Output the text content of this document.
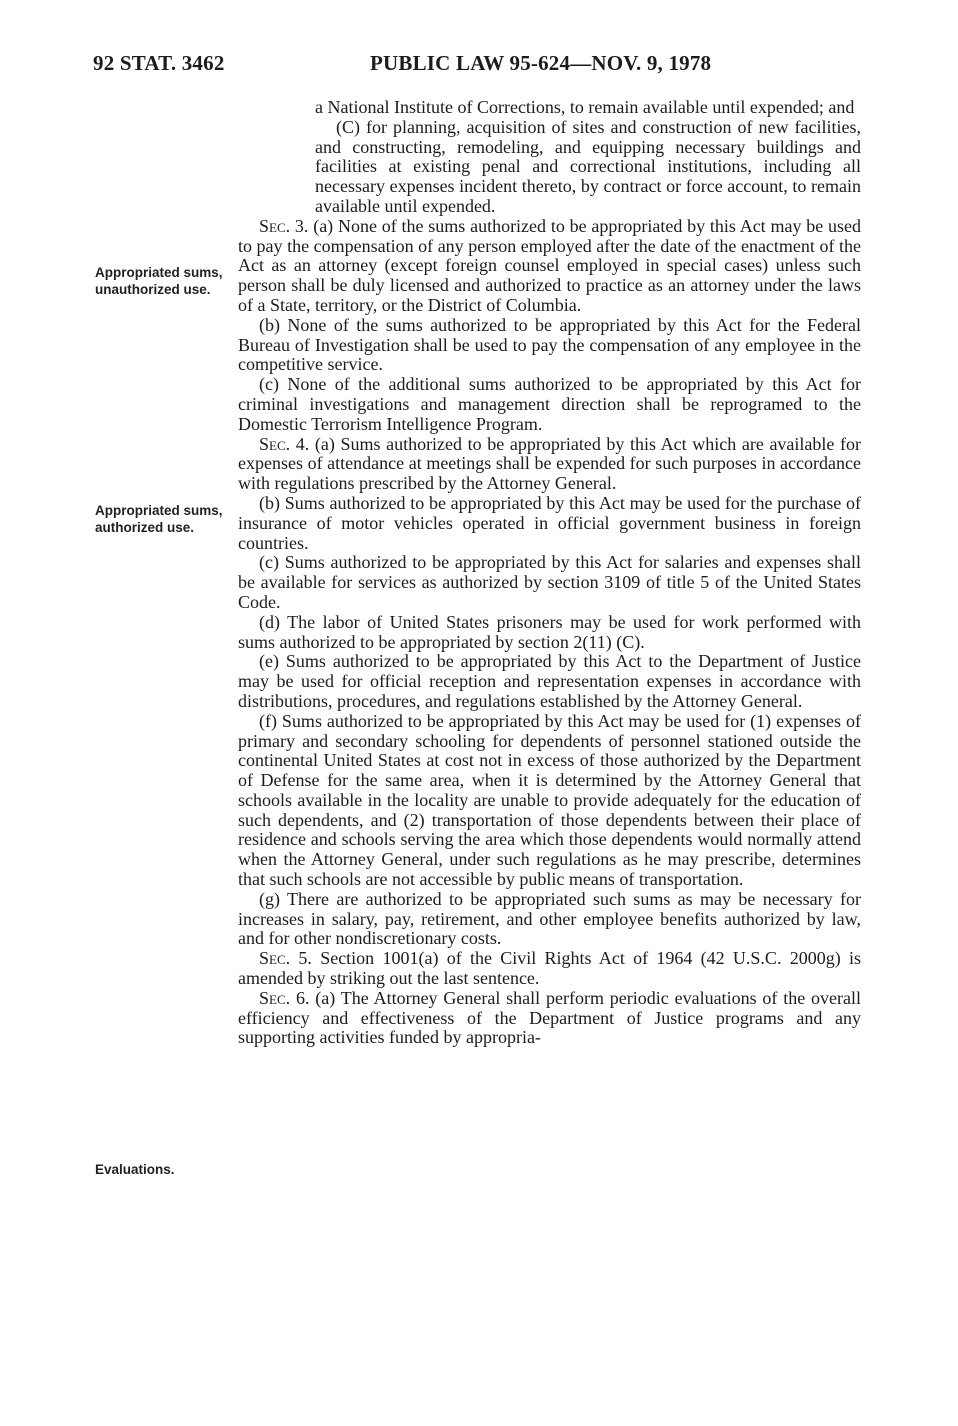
92 STAT. 3462	PUBLIC LAW 95-624—NOV. 9, 1978
Appropriated sums, unauthorized use.
Appropriated sums, authorized use.
Evaluations.

a National Institute of Corrections, to remain available until expended; and

(C) for planning, acquisition of sites and construction of new facilities, and constructing, remodeling, and equipping necessary buildings and facilities at existing penal and correctional institutions, including all necessary expenses incident thereto, by contract or force account, to remain available until expended.

Sec. 3. (a) None of the sums authorized to be appropriated by this Act may be used to pay the compensation of any person employed after the date of the enactment of the Act as an attorney (except foreign counsel employed in special cases) unless such person shall be duly licensed and authorized to practice as an attorney under the laws of a State, territory, or the District of Columbia.

(b) None of the sums authorized to be appropriated by this Act for the Federal Bureau of Investigation shall be used to pay the compensation of any employee in the competitive service.

(c) None of the additional sums authorized to be appropriated by this Act for criminal investigations and management direction shall be reprogramed to the Domestic Terrorism Intelligence Program.

Sec. 4. (a) Sums authorized to be appropriated by this Act which are available for expenses of attendance at meetings shall be expended for such purposes in accordance with regulations prescribed by the Attorney General.

(b) Sums authorized to be appropriated by this Act may be used for the purchase of insurance of motor vehicles operated in official government business in foreign countries.

(c) Sums authorized to be appropriated by this Act for salaries and expenses shall be available for services as authorized by section 3109 of title 5 of the United States Code.

(d) The labor of United States prisoners may be used for work performed with sums authorized to be appropriated by section 2(11) (C).

(e) Sums authorized to be appropriated by this Act to the Department of Justice may be used for official reception and representation expenses in accordance with distributions, procedures, and regulations established by the Attorney General.

(f) Sums authorized to be appropriated by this Act may be used for (1) expenses of primary and secondary schooling for dependents of personnel stationed outside the continental United States at cost not in excess of those authorized by the Department of Defense for the same area, when it is determined by the Attorney General that schools available in the locality are unable to provide adequately for the education of such dependents, and (2) transportation of those dependents between their place of residence and schools serving the area which those dependents would normally attend when the Attorney General, under such regulations as he may prescribe, determines that such schools are not accessible by public means of transportation.

(g) There are authorized to be appropriated such sums as may be necessary for increases in salary, pay, retirement, and other employee benefits authorized by law, and for other nondiscretionary costs.

Sec. 5. Section 1001(a) of the Civil Rights Act of 1964 (42 U.S.C. 2000g) is amended by striking out the last sentence.

Sec. 6. (a) The Attorney General shall perform periodic evaluations of the overall efficiency and effectiveness of the Department of Justice programs and any supporting activities funded by appropria-
